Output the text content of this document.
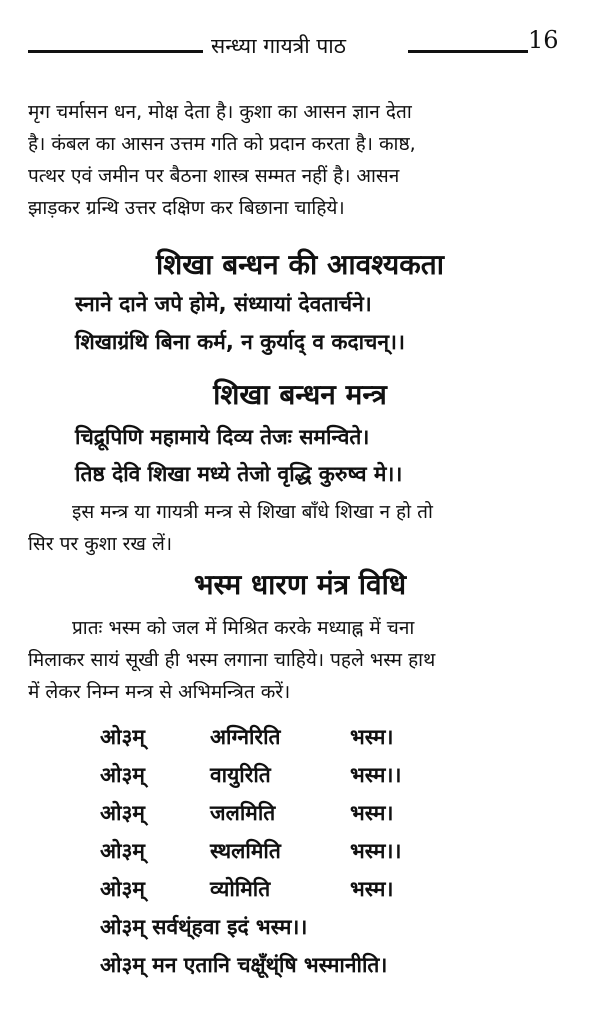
सन्ध्या गायत्री पाठ	16

मृग चर्मासन धन, मोक्ष देता है। कुशा का आसन ज्ञान देता
है। कंबल का आसन उत्तम गति को प्रदान करता है। काष्ठ,
पत्थर एवं जमीन पर बैठना शास्त्र सम्मत नहीं है। आसन
झाड़कर ग्रन्थि उत्तर दक्षिण कर बिछाना चाहिये।

शिखा बन्धन की आवश्यकता
स्नाने दाने जपे होमे, संध्यायां देवतार्चने।
शिखाग्रंथि बिना कर्म, न कुर्याद् व कदाचन्।।
शिखा बन्धन मन्त्र
चिद्रूपिणि महामाये दिव्य तेजः समन्विते।
तिष्ठ देवि शिखा मध्ये तेजो वृद्धि कुरुष्व मे।।

इस मन्त्र या गायत्री मन्त्र से शिखा बाँधे शिखा न हो तो
सिर पर कुशा रख लें।

भस्म धारण मंत्र विधि

प्रातः भस्म को जल में मिश्रित करके मध्याह्न में चना
मिलाकर सायं सूखी ही भस्म लगाना चाहिये। पहले भस्म हाथ
में लेकर निम्न मन्त्र से अभिमन्त्रित करें।

ओ३म्	अग्निरिति	भस्म।
ओ३म्	वायुरिति	भस्म।।
ओ३म्	जलमिति	भस्म।
ओ३म्	स्थलमिति	भस्म।।
ओ३म्	व्योमिति	भस्म।
ओ३म् सर्वथ्ंहवा इदं भस्म।।
ओ३म् मन एतानि चक्षूँथ्ंषि भस्मानीति।
